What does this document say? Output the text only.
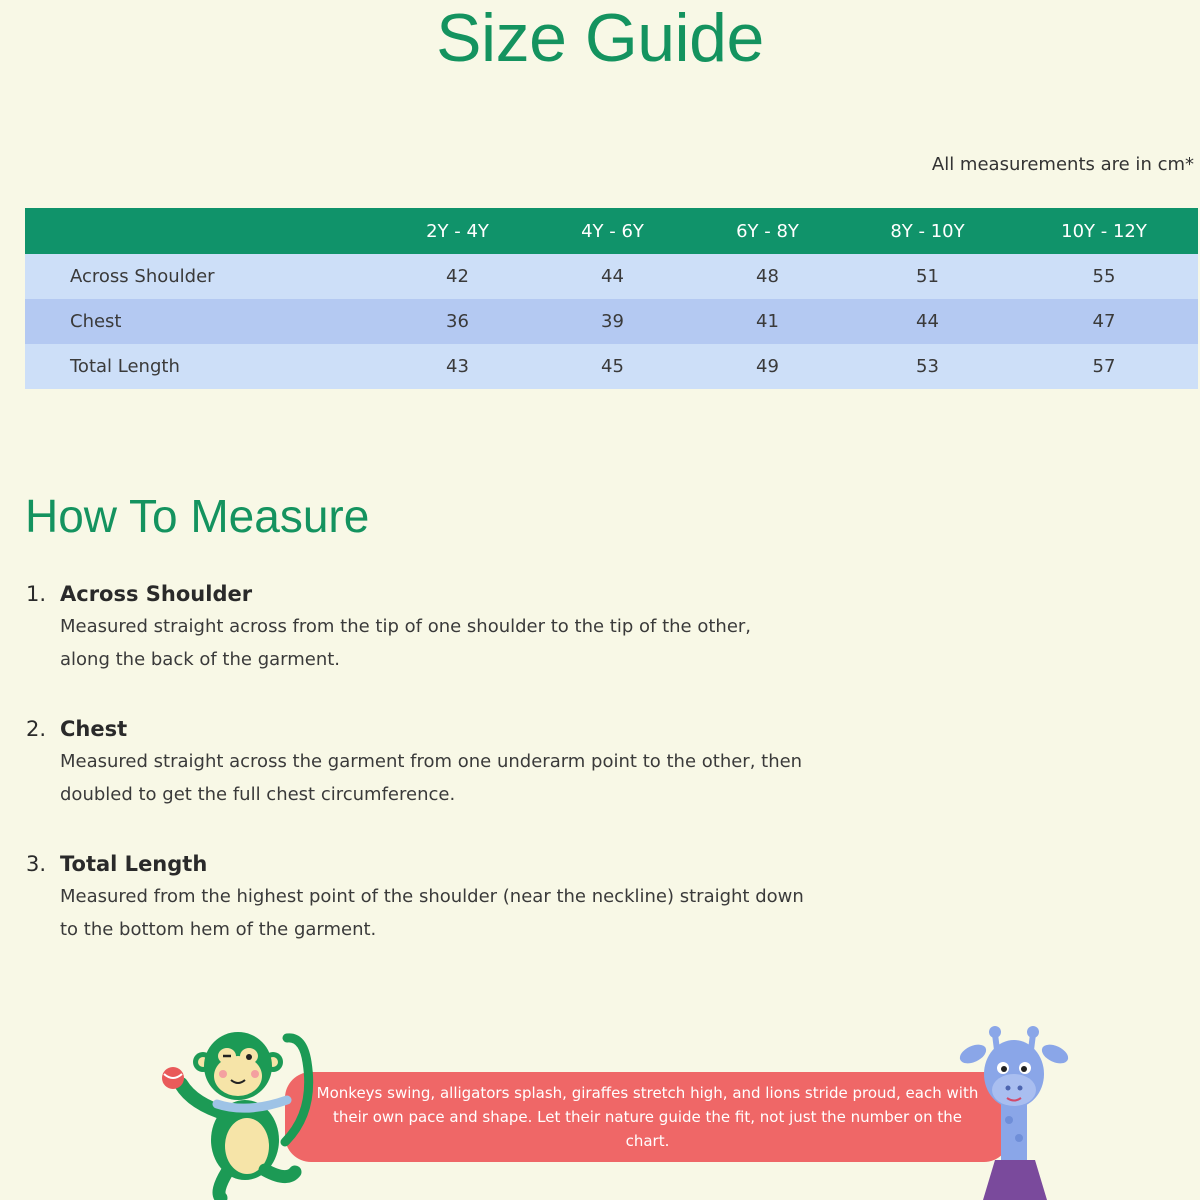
Size Guide
All measurements are in cm*
	2Y - 4Y	4Y - 6Y	6Y - 8Y	8Y - 10Y	10Y - 12Y
Across Shoulder	42	44	48	51	55
Chest	36	39	41	44	47
Total Length	43	45	49	53	57
How To Measure
1. Across Shoulder
Measured straight across from the tip of one shoulder to the tip of the other, along the back of the garment.
2. Chest
Measured straight across the garment from one underarm point to the other, then doubled to get the full chest circumference.
3. Total Length
Measured from the highest point of the shoulder (near the neckline) straight down to the bottom hem of the garment.
Monkeys swing, alligators splash, giraffes stretch high, and lions stride proud, each with their own pace and shape. Let their nature guide the fit, not just the number on the chart.
